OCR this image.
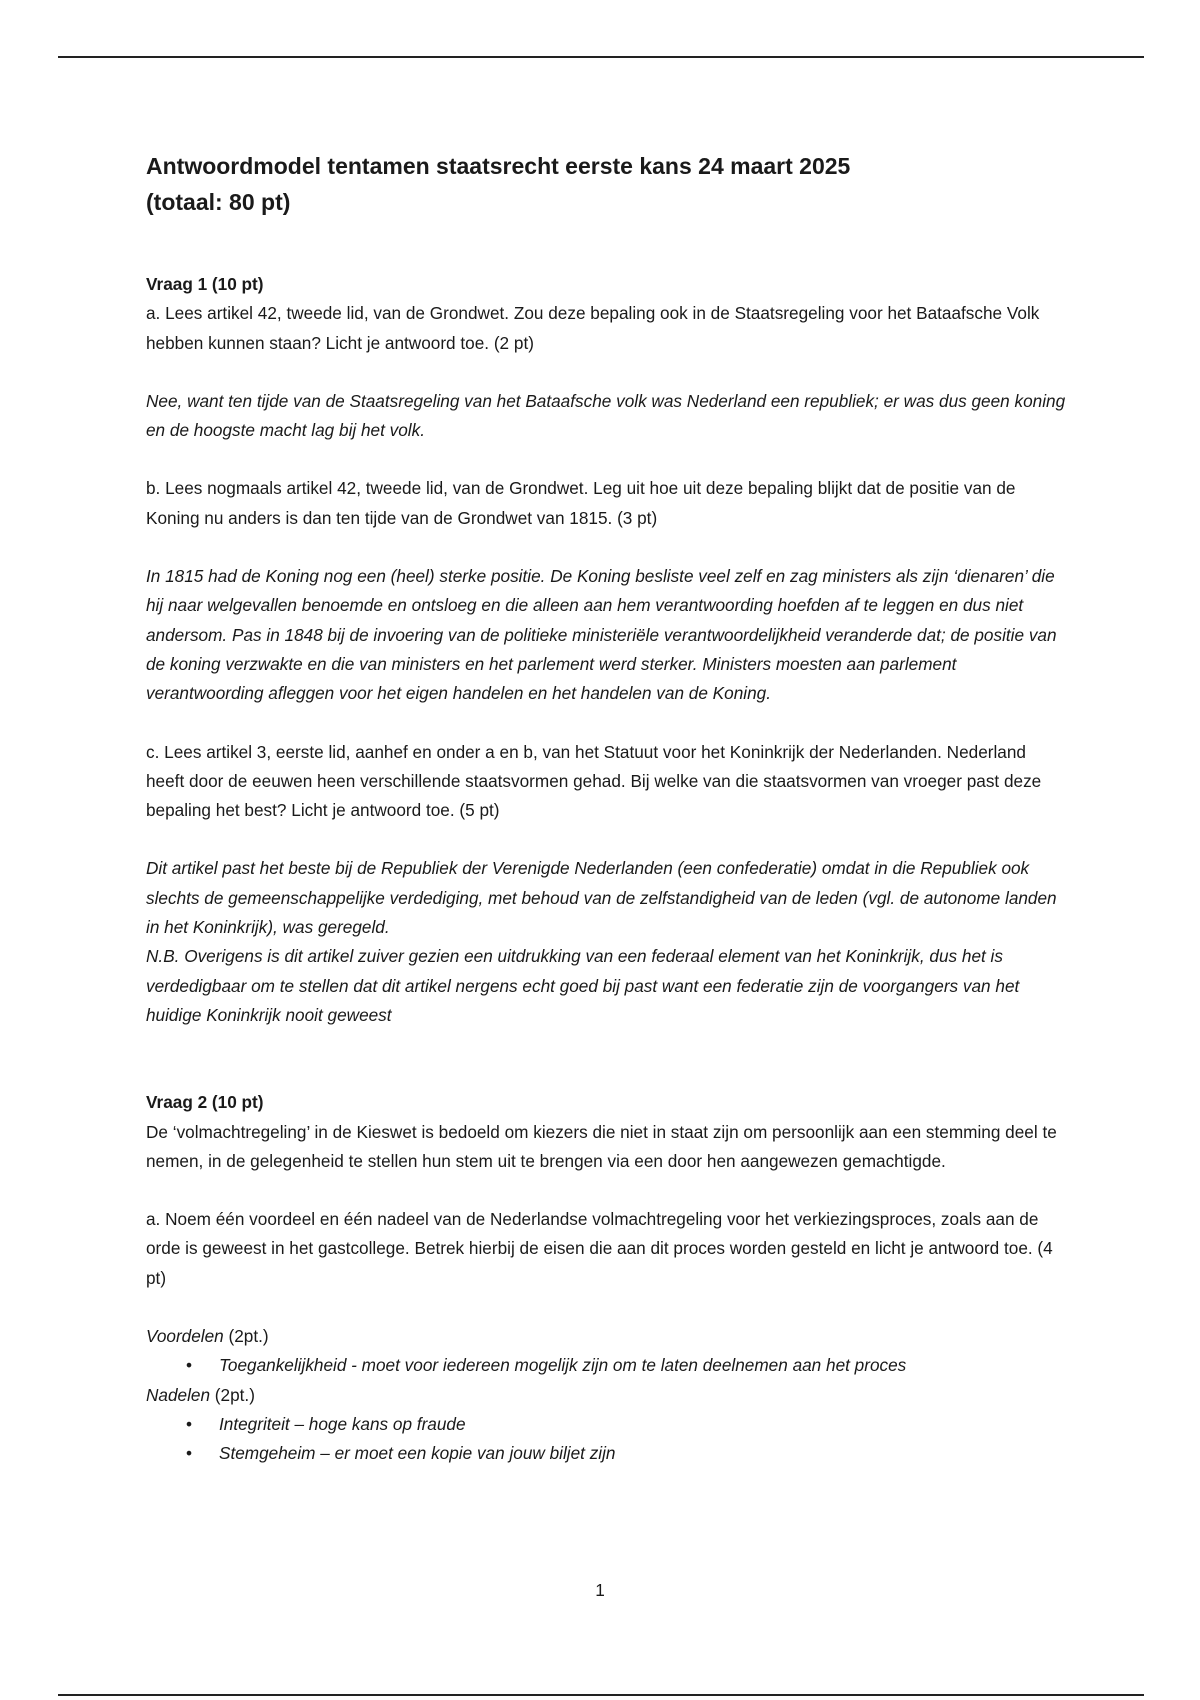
Antwoordmodel tentamen staatsrecht eerste kans 24 maart 2025
(totaal: 80 pt)

Vraag 1 (10 pt)

a. Lees artikel 42, tweede lid, van de Grondwet. Zou deze bepaling ook in de Staatsregeling voor het Bataafsche Volk hebben kunnen staan? Licht je antwoord toe. (2 pt)

Nee, want ten tijde van de Staatsregeling van het Bataafsche volk was Nederland een republiek; er was dus geen koning en de hoogste macht lag bij het volk.

b. Lees nogmaals artikel 42, tweede lid, van de Grondwet. Leg uit hoe uit deze bepaling blijkt dat de positie van de Koning nu anders is dan ten tijde van de Grondwet van 1815. (3 pt)

In 1815 had de Koning nog een (heel) sterke positie. De Koning besliste veel zelf en zag ministers als zijn ‘dienaren’ die hij naar welgevallen benoemde en ontsloeg en die alleen aan hem verantwoording hoefden af te leggen en dus niet andersom. Pas in 1848 bij de invoering van de politieke ministeriële verantwoordelijkheid veranderde dat; de positie van de koning verzwakte en die van ministers en het parlement werd sterker. Ministers moesten aan parlement verantwoording afleggen voor het eigen handelen en het handelen van de Koning.

c. Lees artikel 3, eerste lid, aanhef en onder a en b, van het Statuut voor het Koninkrijk der Nederlanden. Nederland heeft door de eeuwen heen verschillende staatsvormen gehad. Bij welke van die staatsvormen van vroeger past deze bepaling het best? Licht je antwoord toe. (5 pt)

Dit artikel past het beste bij de Republiek der Verenigde Nederlanden (een confederatie) omdat in die Republiek ook slechts de gemeenschappelijke verdediging, met behoud van de zelfstandigheid van de leden (vgl. de autonome landen in het Koninkrijk), was geregeld.

N.B. Overigens is dit artikel zuiver gezien een uitdrukking van een federaal element van het Koninkrijk, dus het is verdedigbaar om te stellen dat dit artikel nergens echt goed bij past want een federatie zijn de voorgangers van het huidige Koninkrijk nooit geweest

Vraag 2 (10 pt)

De ‘volmachtregeling’ in de Kieswet is bedoeld om kiezers die niet in staat zijn om persoonlijk aan een stemming deel te nemen, in de gelegenheid te stellen hun stem uit te brengen via een door hen aangewezen gemachtigde.

a. Noem één voordeel en één nadeel van de Nederlandse volmachtregeling voor het verkiezingsproces, zoals aan de orde is geweest in het gastcollege. Betrek hierbij de eisen die aan dit proces worden gesteld en licht je antwoord toe. (4 pt)

Voordelen (2pt.)

• Toegankelijkheid - moet voor iedereen mogelijk zijn om te laten deelnemen aan het proces

Nadelen (2pt.)

• Integriteit – hoge kans op fraude
• Stemgeheim – er moet een kopie van jouw biljet zijn
1
